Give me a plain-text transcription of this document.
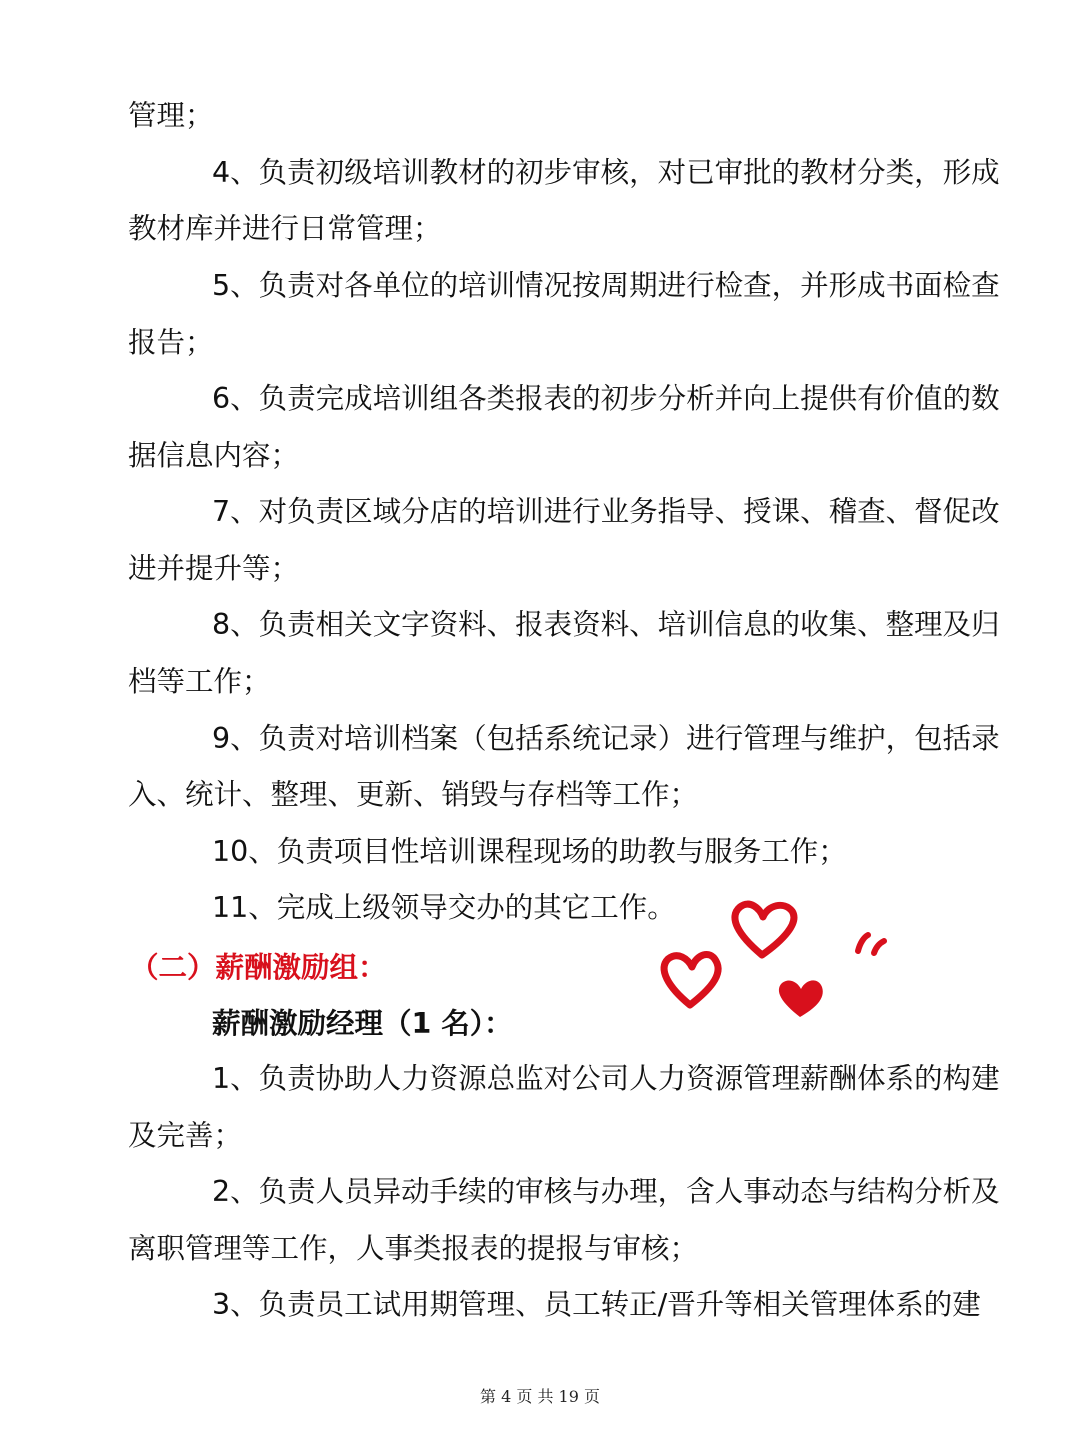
管理；

4、负责初级培训教材的初步审核，对已审批的教材分类，形成

教材库并进行日常管理；

5、负责对各单位的培训情况按周期进行检查，并形成书面检查

报告；

6、负责完成培训组各类报表的初步分析并向上提供有价值的数

据信息内容；

7、对负责区域分店的培训进行业务指导、授课、稽查、督促改

进并提升等；

8、负责相关文字资料、报表资料、培训信息的收集、整理及归

档等工作；

9、负责对培训档案（包括系统记录）进行管理与维护，包括录

入、统计、整理、更新、销毁与存档等工作；

10、负责项目性培训课程现场的助教与服务工作；

11、完成上级领导交办的其它工作。

（二）薪酬激励组：
薪酬激励经理（1 名）：

1、负责协助人力资源总监对公司人力资源管理薪酬体系的构建

及完善；

2、负责人员异动手续的审核与办理，含人事动态与结构分析及

离职管理等工作，人事类报表的提报与审核；

3、负责员工试用期管理、员工转正/晋升等相关管理体系的建

第 4 页 共 19 页
